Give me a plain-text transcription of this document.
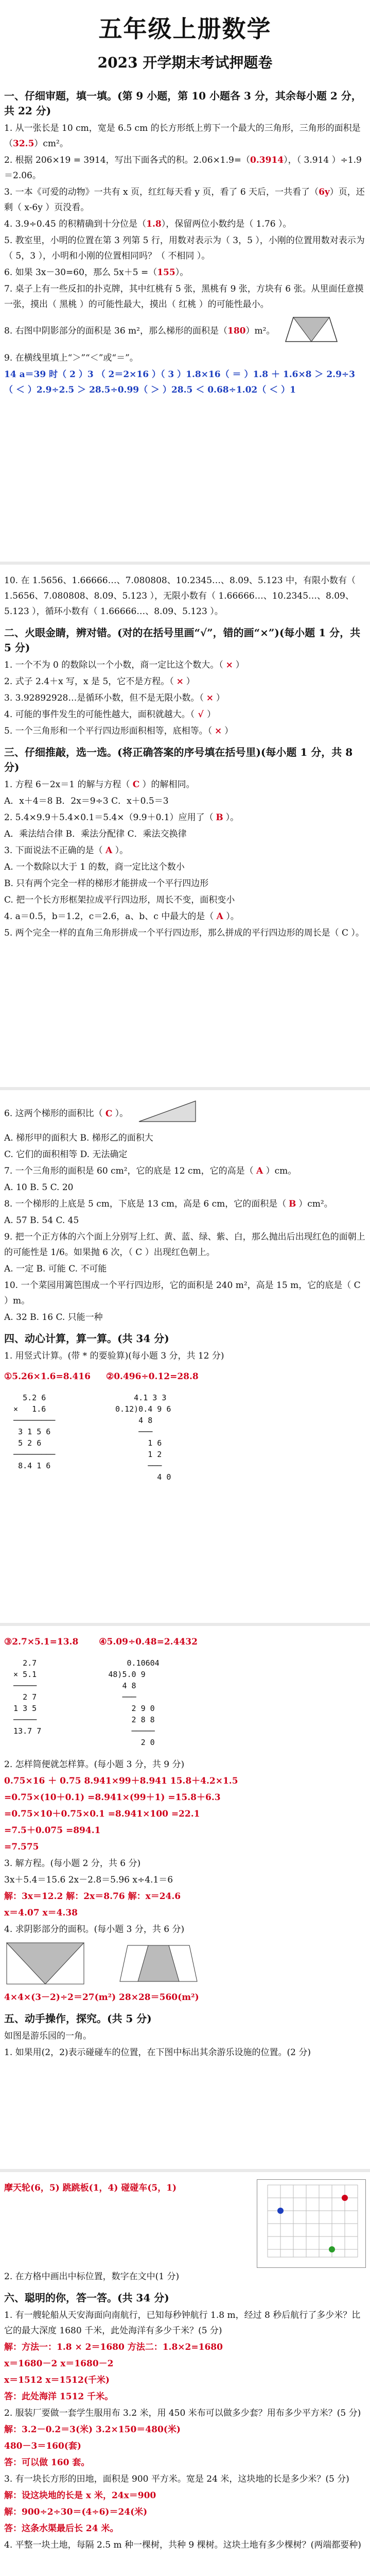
五年级上册数学
2023 开学期末考试押题卷
一、仔细审题，填一填。(第 9 小题，第 10 小题各 3 分，其余每小题 2 分，共 22 分)
1. 从一张长是 10 cm，宽是 6.5 cm 的长方形纸上剪下一个最大的三角形，三角形的面积是（32.5）cm²。
2. 根据 206×19 = 3914，写出下面各式的积。2.06×1.9=（0.3914），（ 3.914 ）÷1.9＝2.06。
3. 一本《可爱的动物》一共有 x 页，红红每天看 y 页，看了 6 天后，一共看了（6y）页，还剩（ x-6y ）页没看。
4. 3.9÷0.45 的积精确到十分位是（1.8），保留两位小数约是（ 1.76 ）。
5. 教室里，小明的位置在第 3 列第 5 行，用数对表示为（ 3，5 ），小刚的位置用数对表示为（ 5，3 ），小明和小刚的位置相同吗？（ 不相同 ）。
6. 如果 3x－30=60，那么 5x＋5 =（155）。
7. 桌子上有一些反扣的扑克牌，其中红桃有 5 张，黑桃有 9 张，方块有 6 张。从里面任意摸一张，摸出（ 黑桃 ）的可能性最大，摸出（ 红桃 ）的可能性最小。
8. 右图中阴影部分的面积是 36 m²，那么梯形的面积是（180）m²。
9. 在横线里填上“＞”“＜”或“＝”。
14 a＝39 时（ 2 ）3 （ 2＝2×16 ）（ 3 ）1.8×16（ ＝ ）1.8 ＋ 1.6×8 ＞ 2.9÷3 （ ＜ ）2.9÷2.5 ＞ 28.5÷0.99（ ＞ ）28.5 ＜ 0.68÷1.02（ ＜ ）1
10. 在 1.5656、1.66666…、7.080808、10.2345…、8.09、5.123 中，有限小数有（ 1.5656、7.080808、8.09、5.123 ），无限小数有（ 1.66666…、10.2345…、8.09、5.123 ），循环小数有（ 1.66666…、8.09、5.123 ）。
二、火眼金睛，辨对错。(对的在括号里画“√”，错的画“×”)(每小题 1 分，共 5 分)
1. 一个不为 0 的数除以一个小数，商一定比这个数大。（ × ）
2. 式子 2.4＋x 写，x 是 5，它不是方程。（ × ）
3. 3.92892928…是循环小数，但不是无限小数。（ × ）
4. 可能的事件发生的可能性越大，面积就越大。（ √ ）
5. 一个三角形和一个平行四边形面积相等，底相等。（ × ）
三、仔细推敲，选一选。(将正确答案的序号填在括号里)(每小题 1 分，共 8 分)
1. 方程 6－2x＝1 的解与方程（ C ）的解相同。
A．x＋4＝8 B．2x＝9÷3 C．x＋0.5＝3
2. 5.4×9.9＋5.4×0.1＝5.4×（9.9＋0.1）应用了（ B ）。
A．乘法结合律 B．乘法分配律 C．乘法交换律
3. 下面说法不正确的是（ A ）。
A. 一个数除以大于 1 的数，商一定比这个数小
B. 只有两个完全一样的梯形才能拼成一个平行四边形
C. 把一个长方形框架拉成平行四边形，周长不变，面积变小
4. a＝0.5，b＝1.2，c＝2.6，a、b、c 中最大的是（ A ）。
5. 两个完全一样的直角三角形拼成一个平行四边形，那么拼成的平行四边形的周长是（ C ）。
6. 这两个梯形的面积比（ C ）。
A. 梯形甲的面积大 B. 梯形乙的面积大
C. 它们的面积相等 D. 无法确定
7. 一个三角形的面积是 60 cm²，它的底是 12 cm，它的高是（ A ）cm。
A. 10 B. 5 C. 20
8. 一个梯形的上底是 5 cm，下底是 13 cm，高是 6 cm，它的面积是（ B ）cm²。
A. 57 B. 54 C. 45
9. 把一个正方体的六个面上分别写上红、黄、蓝、绿、紫、白，那么抛出后出现红色的面朝上的可能性是 1/6。如果抛 6 次，（ C ）出现红色朝上。
A. 一定 B. 可能 C. 不可能
10. 一个菜园用篱笆围成一个平行四边形，它的面积是 240 m²，高是 15 m，它的底是（ C ）m。
A. 32 B. 16 C. 只能一种
四、动心计算，算一算。(共 34 分)
1. 用竖式计算。(带 * 的要验算)(每小题 3 分，共 12 分)
①5.26×1.6=8.416
5.2 6
×   1.6
─────────
3 1 5 6
5 2 6
─────────
8.4 1 6
②0.496÷0.12=28.8
4.1 3 3
0.12)0.4 9 6
4 8
───
1 6
1 2
───
4 0
③2.7×5.1=13.8
2.7
× 5.1
─────
2 7
1 3 5
─────
13.7 7
④5.09÷0.48=2.4432
0.10604
48)5.0 9
4 8
───
2 9 0
2 8 8
─────
2 0
2. 怎样简便就怎样算。(每小题 3 分，共 9 分)
0.75×16 ＋ 0.75 8.941×99＋8.941 15.8＋4.2×1.5
=0.75×(10＋0.1) =8.941×(99＋1) =15.8＋6.3
=0.75×10＋0.75×0.1 =8.941×100 =22.1
=7.5＋0.075 =894.1
=7.575
3. 解方程。(每小题 2 分，共 6 分)
3x＋5.4＝15.6 2x－2.8＝5.96 x÷4.1＝6
解：3x＝12.2 解：2x＝8.76 解：x＝24.6
x＝4.07 x＝4.38
4. 求阴影部分的面积。(每小题 3 分，共 6 分)
4×4×(3－2)÷2＝27(m²) 28×28＝560(m²)
五、动手操作，探究。(共 5 分)
如图是游乐园的一角。
1. 如果用(2，2)表示碰碰车的位置，在下图中标出其余游乐设施的位置。(2 分)
摩天轮(6，5) 跳跳板(1，4) 碰碰车(5，1)
2. 在方格中画出中标位置，数字在文中(1 分)
六、聪明的你，答一答。(共 34 分)
1. 有一艘轮船从天安海面向南航行，已知每秒钟航行 1.8 m，经过 8 秒后航行了多少米？比它的最大深度 1680 千米，此处海洋有多少千米？(5 分)
解：方法一：1.8 × 2＝1680 方法二：1.8×2=1680
x＝1680－2 x＝1680－2
x＝1512 x＝1512(千米)
答：此处海洋 1512 千米。
2. 服装厂要做一套学生服用布 3.2 米，用 450 米布可以做多少套？用布多少平方米？(5 分)
解：3.2－0.2＝3(米) 3.2×150＝480(米)
480－3＝160(套)
答：可以做 160 套。
3. 有一块长方形的田地，面积是 900 平方米。宽是 24 米，这块地的长是多少米？(5 分)
解：设这块地的长是 x 米，24x＝900
解：900÷2÷30＝(4÷6)＝24(米)
答：这条水渠最后长 24 米。
4. 平整一块土地，每隔 2.5 m 种一棵树，共种 9 棵树。这块土地有多少棵树？(两端都要种)
